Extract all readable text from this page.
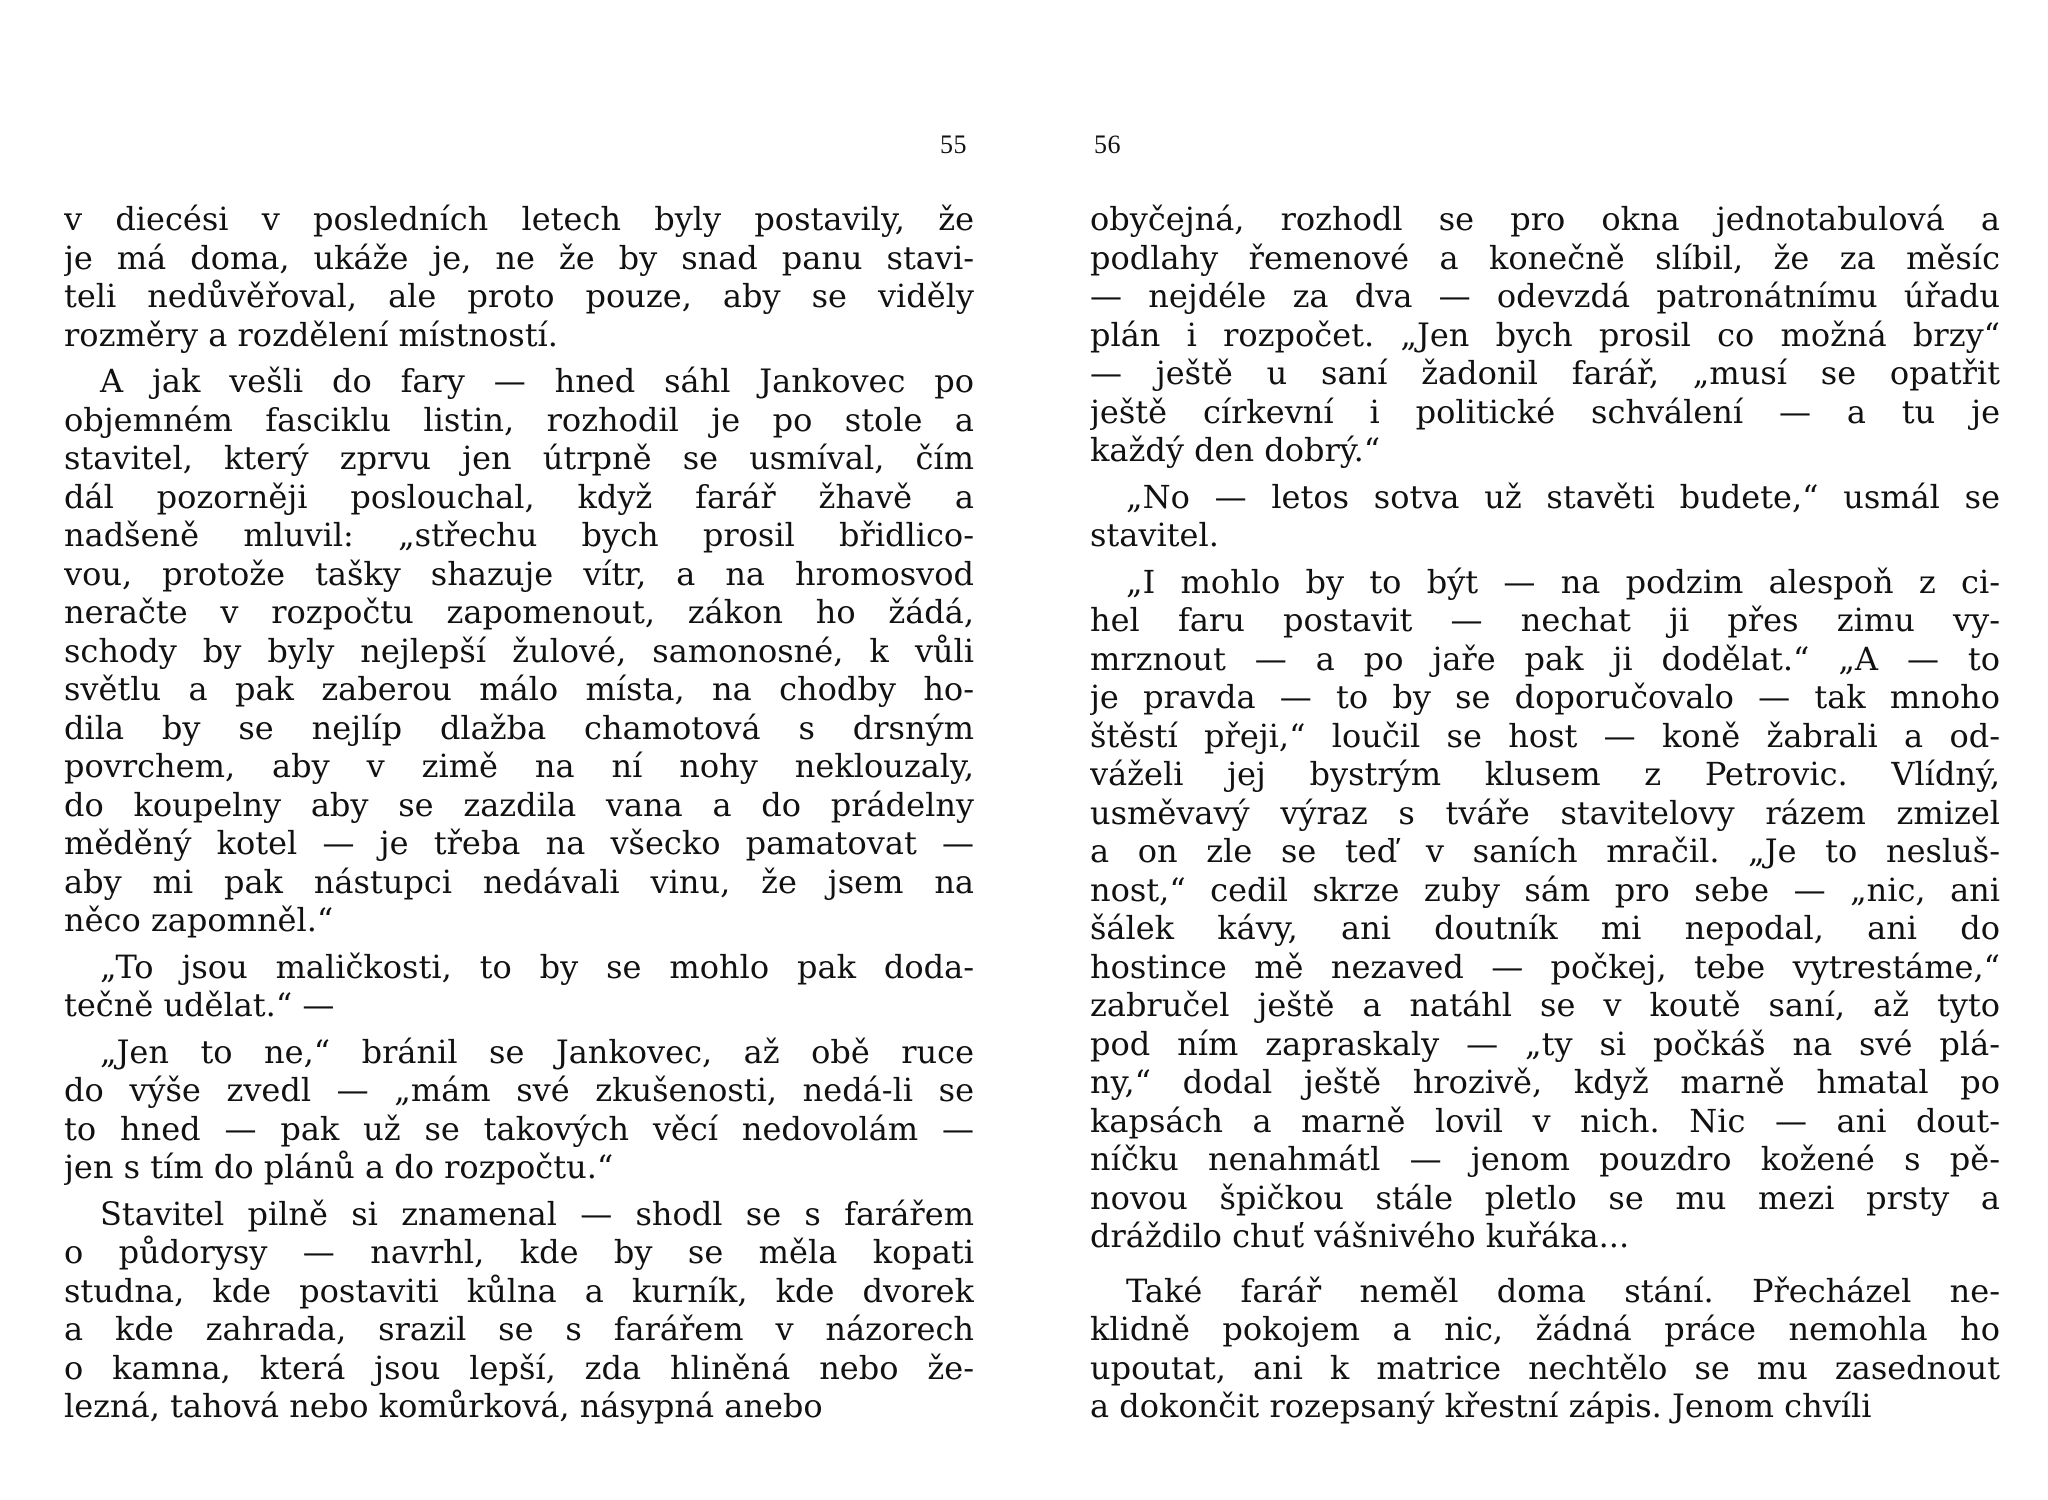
55
v diecési v posledních letech byly postavily, že
je má doma, ukáže je, ne že by snad panu stavi-
teli nedůvěřoval, ale proto pouze, aby se viděly
rozměry a rozdělení místností.
A jak vešli do fary — hned sáhl Jankovec po
objemném fasciklu listin, rozhodil je po stole a
stavitel, který zprvu jen útrpně se usmíval, čím
dál pozorněji poslouchal, když farář žhavě a
nadšeně mluvil: „střechu bych prosil břidlico-
vou, protože tašky shazuje vítr, a na hromosvod
neračte v rozpočtu zapomenout, zákon ho žádá,
schody by byly nejlepší žulové, samonosné, k vůli
světlu a pak zaberou málo místa, na chodby ho-
dila by se nejlíp dlažba chamotová s drsným
povrchem, aby v zimě na ní nohy neklouzaly,
do koupelny aby se zazdila vana a do prádelny
měděný kotel — je třeba na všecko pamatovat —
aby mi pak nástupci nedávali vinu, že jsem na
něco zapomněl.“
„To jsou maličkosti, to by se mohlo pak doda-
tečně udělat.“ —
„Jen to ne,“ bránil se Jankovec, až obě ruce
do výše zvedl — „mám své zkušenosti, nedá-li se
to hned — pak už se takových věcí nedovolám —
jen s tím do plánů a do rozpočtu.“
Stavitel pilně si znamenal — shodl se s farářem
o půdorysy — navrhl, kde by se měla kopati
studna, kde postaviti kůlna a kurník, kde dvorek
a kde zahrada, srazil se s farářem v názorech
o kamna, která jsou lepší, zda hliněná nebo že-
lezná, tahová nebo komůrková, násypná anebo
56
obyčejná, rozhodl se pro okna jednotabulová a
podlahy řemenové a konečně slíbil, že za měsíc
— nejdéle za dva — odevzdá patronátnímu úřadu
plán i rozpočet. „Jen bych prosil co možná brzy“
— ještě u saní žadonil farář, „musí se opatřit
ještě církevní i politické schválení — a tu je
každý den dobrý.“
„No — letos sotva už stavěti budete,“ usmál se
stavitel.
„I mohlo by to být — na podzim alespoň z ci-
hel faru postavit — nechat ji přes zimu vy-
mrznout — a po jaře pak ji dodělat.“ „A — to
je pravda — to by se doporučovalo — tak mnoho
štěstí přeji,“ loučil se host — koně žabrali a od-
váželi jej bystrým klusem z Petrovic. Vlídný,
usměvavý výraz s tváře stavitelovy rázem zmizel
a on zle se teď v saních mračil. „Je to nesluš-
nost,“ cedil skrze zuby sám pro sebe — „nic, ani
šálek kávy, ani doutník mi nepodal, ani do
hostince mě nezaved — počkej, tebe vytrestáme,“
zabručel ještě a natáhl se v koutě saní, až tyto
pod ním zapraskaly — „ty si počkáš na své plá-
ny,“ dodal ještě hrozivě, když marně hmatal po
kapsách a marně lovil v nich. Nic — ani dout-
níčku nenahmátl — jenom pouzdro kožené s pě-
novou špičkou stále pletlo se mu mezi prsty a
dráždilo chuť vášnivého kuřáka...
Také farář neměl doma stání. Přecházel ne-
klidně pokojem a nic, žádná práce nemohla ho
upoutat, ani k matrice nechtělo se mu zasednout
a dokončit rozepsaný křestní zápis. Jenom chvíli
